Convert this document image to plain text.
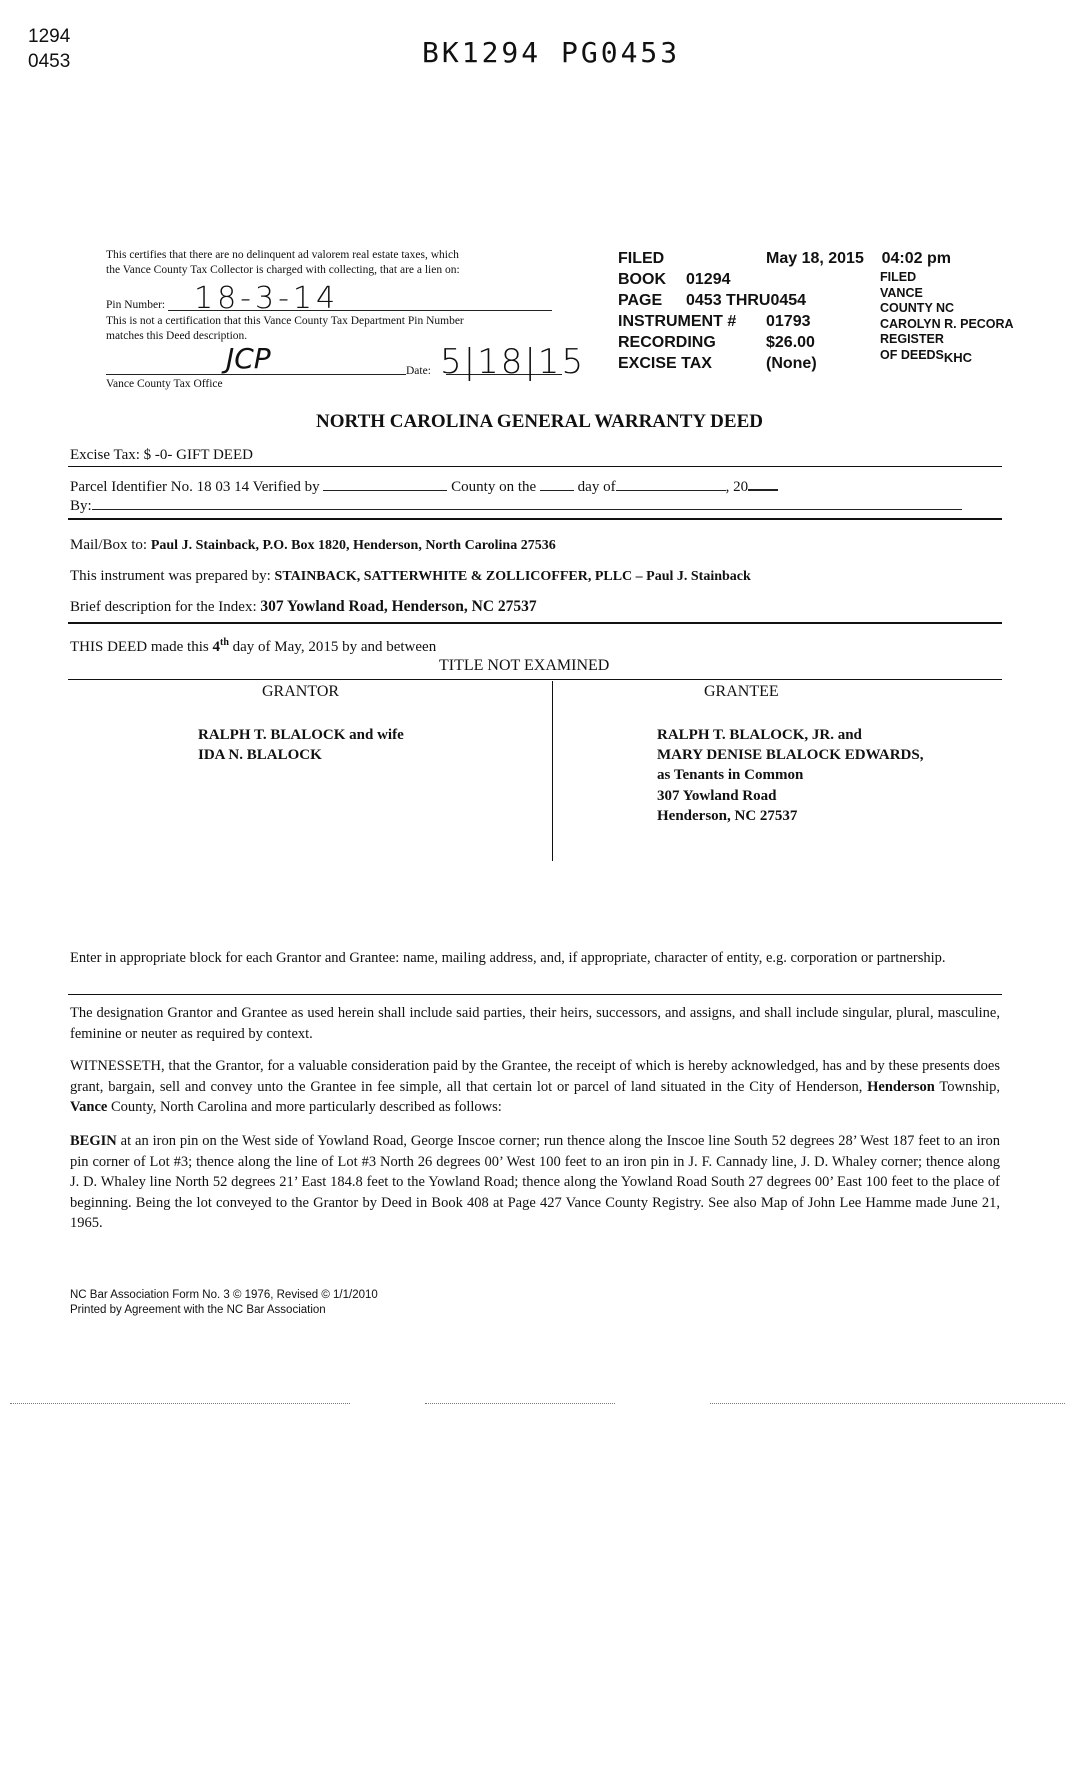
1294
0453	BK1294 PG0453
This certifies that there are no delinquent ad valorem real estate taxes, which
the Vance County Tax Collector is charged with collecting, that are a lien on:
Pin Number: 18-3-14
This is not a certification that this Vance County Tax Department Pin Number
matches this Deed description.
JCP	Date: 5|18|15
Vance County Tax Office
FILED	May 18, 2015    04:02 pm
BOOK 01294
PAGE 0453 THRU0454
INSTRUMENT # 01793
RECORDING	$26.00
EXCISE TAX	(None)
FILED
VANCE
COUNTY NC
CAROLYN R. PECORA
REGISTER
OF DEEDSKHC
NORTH CAROLINA GENERAL WARRANTY DEED
Excise Tax: $ -0- GIFT DEED
Parcel Identifier No. 18 03 14 Verified by	County on the	day of	, 20
By:
Mail/Box to: Paul J. Stainback, P.O. Box 1820, Henderson, North Carolina 27536
This instrument was prepared by: STAINBACK, SATTERWHITE & ZOLLICOFFER, PLLC – Paul J. Stainback
Brief description for the Index: 307 Yowland Road, Henderson, NC 27537
THIS DEED made this 4th day of May, 2015 by and between
TITLE NOT EXAMINED
GRANTOR	GRANTEE
RALPH T. BLALOCK and wife
IDA N. BLALOCK
RALPH T. BLALOCK, JR. and
MARY DENISE BLALOCK EDWARDS,
as Tenants in Common
307 Yowland Road
Henderson, NC 27537
Enter in appropriate block for each Grantor and Grantee: name, mailing address, and, if appropriate, character of entity, e.g. corporation or partnership.
The designation Grantor and Grantee as used herein shall include said parties, their heirs, successors, and assigns, and shall include singular, plural, masculine, feminine or neuter as required by context.
WITNESSETH, that the Grantor, for a valuable consideration paid by the Grantee, the receipt of which is hereby acknowledged, has and by these presents does grant, bargain, sell and convey unto the Grantee in fee simple, all that certain lot or parcel of land situated in the City of Henderson, Henderson Township, Vance County, North Carolina and more particularly described as follows:
BEGIN at an iron pin on the West side of Yowland Road, George Inscoe corner; run thence along the Inscoe line South 52 degrees 28’ West 187 feet to an iron pin corner of Lot #3; thence along the line of Lot #3 North 26 degrees 00’ West 100 feet to an iron pin in J. F. Cannady line, J. D. Whaley corner; thence along J. D. Whaley line North 52 degrees 21’ East 184.8 feet to the Yowland Road; thence along the Yowland Road South 27 degrees 00’ East 100 feet to the place of beginning. Being the lot conveyed to the Grantor by Deed in Book 408 at Page 427 Vance County Registry. See also Map of John Lee Hamme made June 21, 1965.
NC Bar Association Form No. 3 © 1976, Revised © 1/1/2010
Printed by Agreement with the NC Bar Association
